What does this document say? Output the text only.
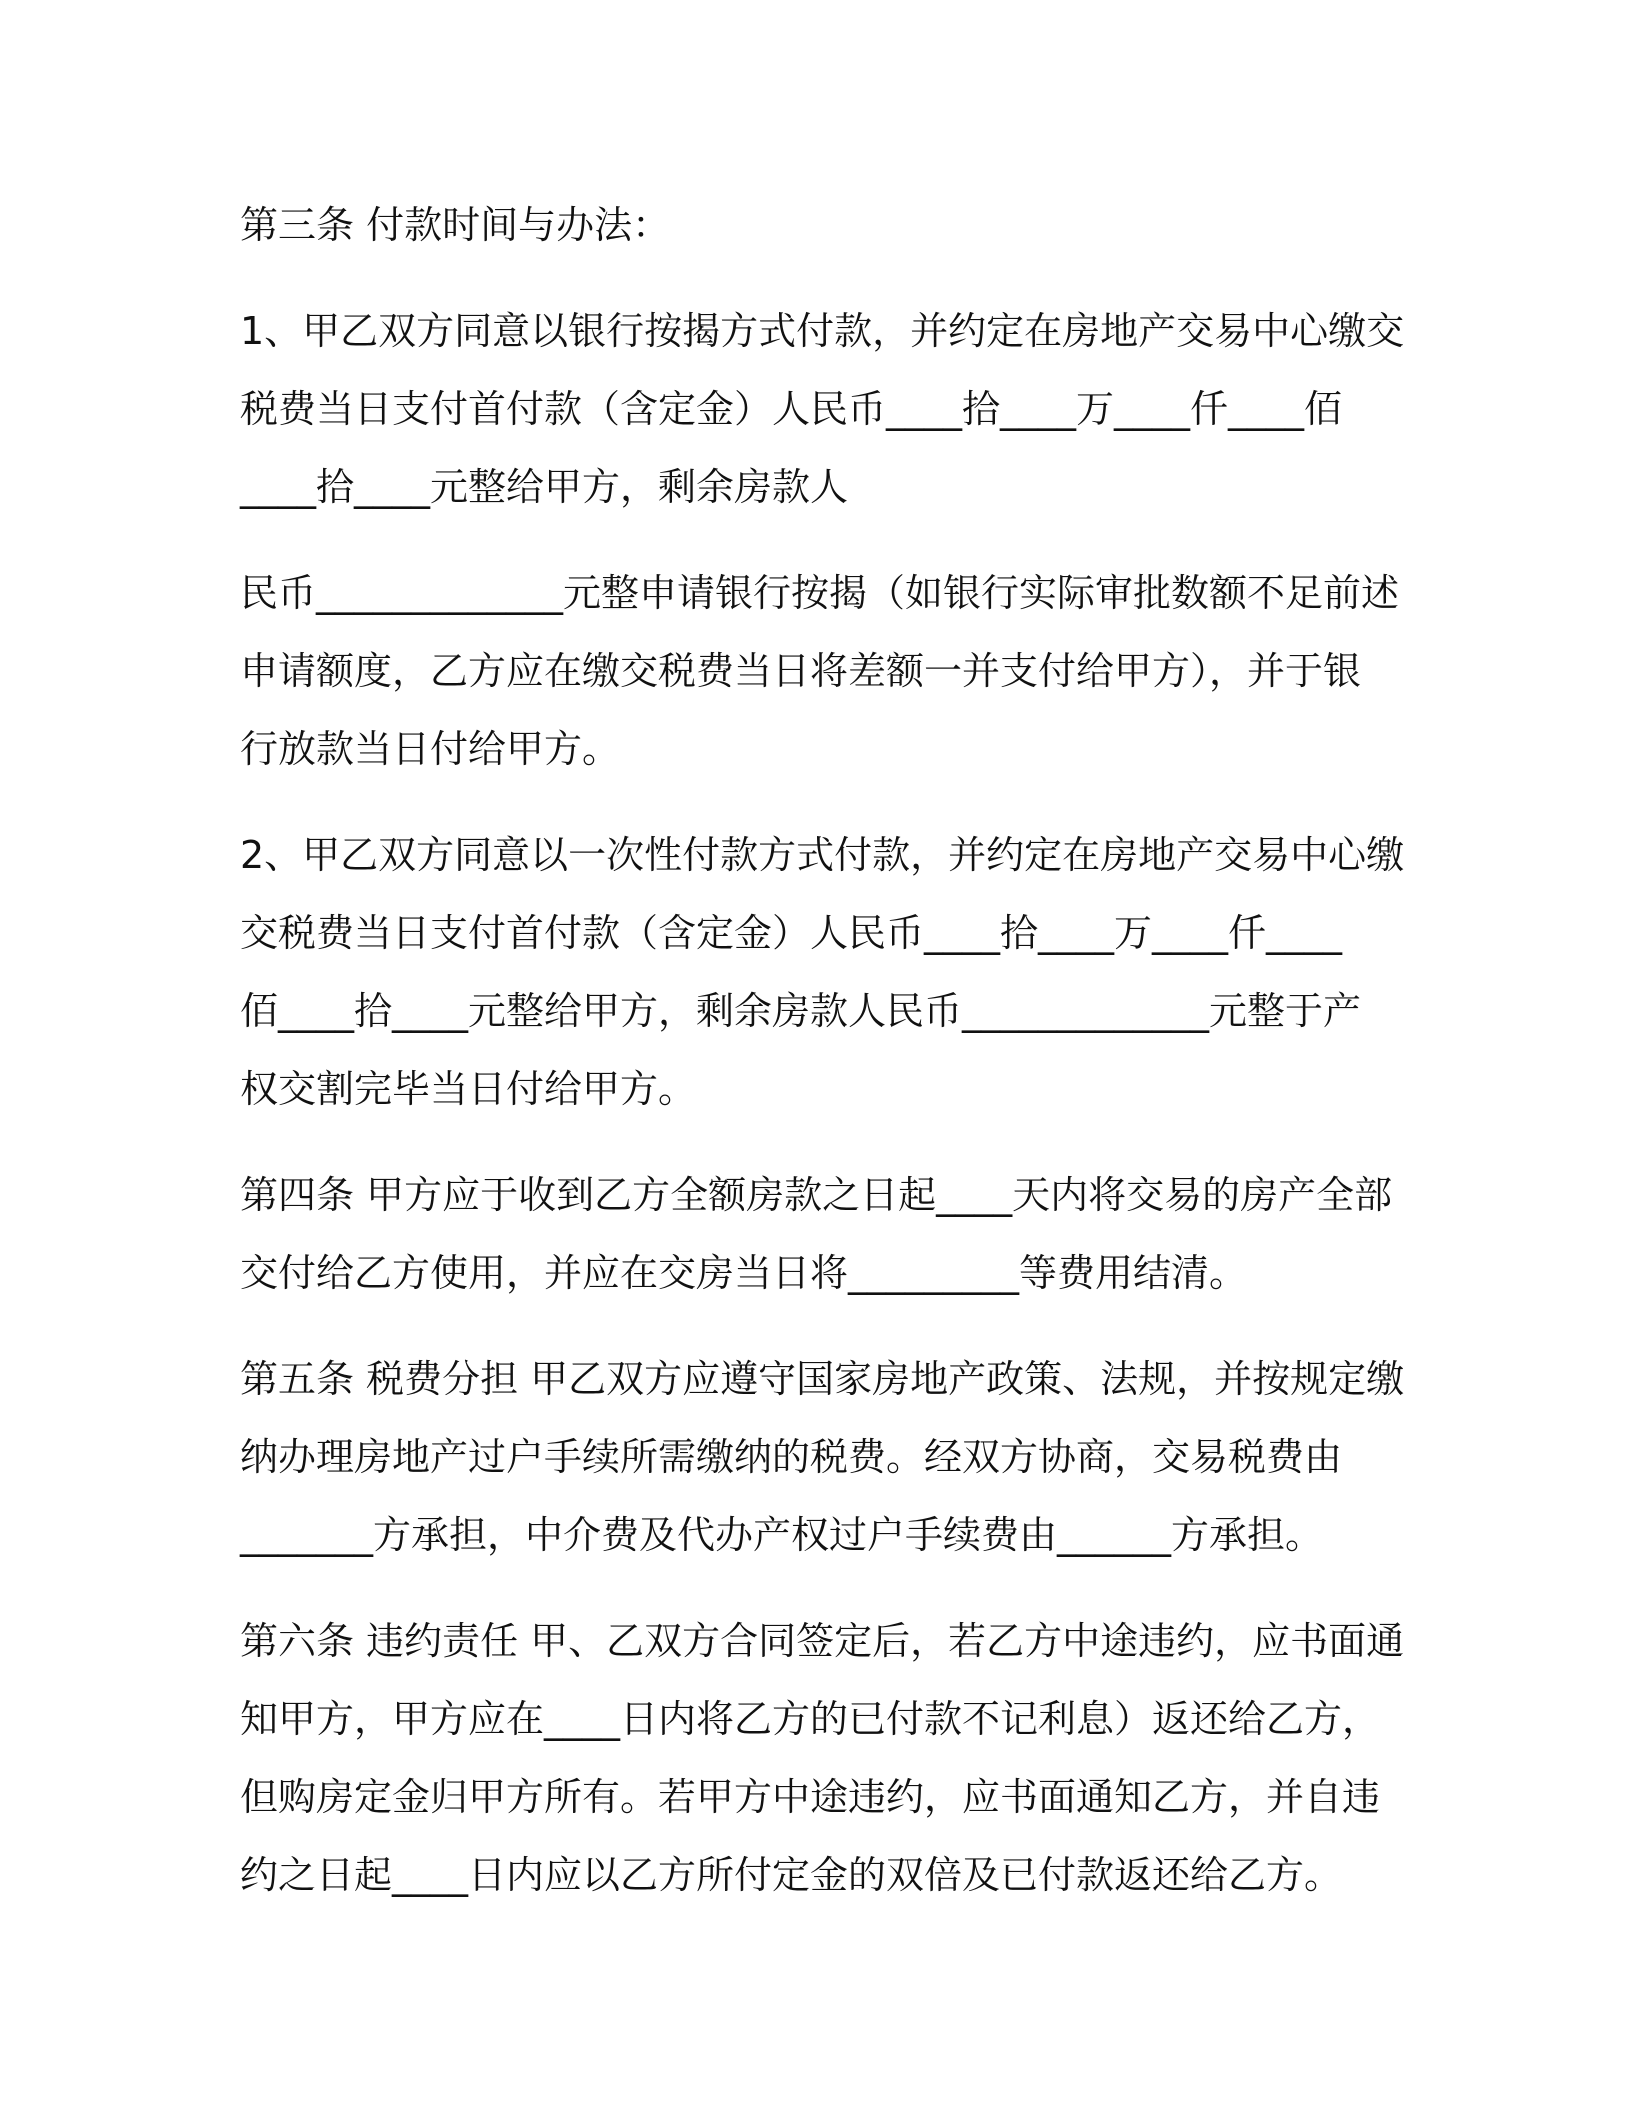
第三条 付款时间与办法：

1、甲乙双方同意以银行按揭方式付款，并约定在房地产交易中心缴交
税费当日支付首付款（含定金）人民币____拾____万____仟____佰
____拾____元整给甲方，剩余房款人

民币_____________元整申请银行按揭（如银行实际审批数额不足前述
申请额度，乙方应在缴交税费当日将差额一并支付给甲方），并于银
行放款当日付给甲方。

2、甲乙双方同意以一次性付款方式付款，并约定在房地产交易中心缴
交税费当日支付首付款（含定金）人民币____拾____万____仟____
佰____拾____元整给甲方，剩余房款人民币_____________元整于产
权交割完毕当日付给甲方。

第四条 甲方应于收到乙方全额房款之日起____天内将交易的房产全部
交付给乙方使用，并应在交房当日将_________等费用结清。

第五条 税费分担 甲乙双方应遵守国家房地产政策、法规，并按规定缴
纳办理房地产过户手续所需缴纳的税费。经双方协商，交易税费由
_______方承担，中介费及代办产权过户手续费由______方承担。

第六条 违约责任 甲、乙双方合同签定后，若乙方中途违约，应书面通
知甲方，甲方应在____日内将乙方的已付款不记利息）返还给乙方，
但购房定金归甲方所有。若甲方中途违约，应书面通知乙方，并自违
约之日起____日内应以乙方所付定金的双倍及已付款返还给乙方。
